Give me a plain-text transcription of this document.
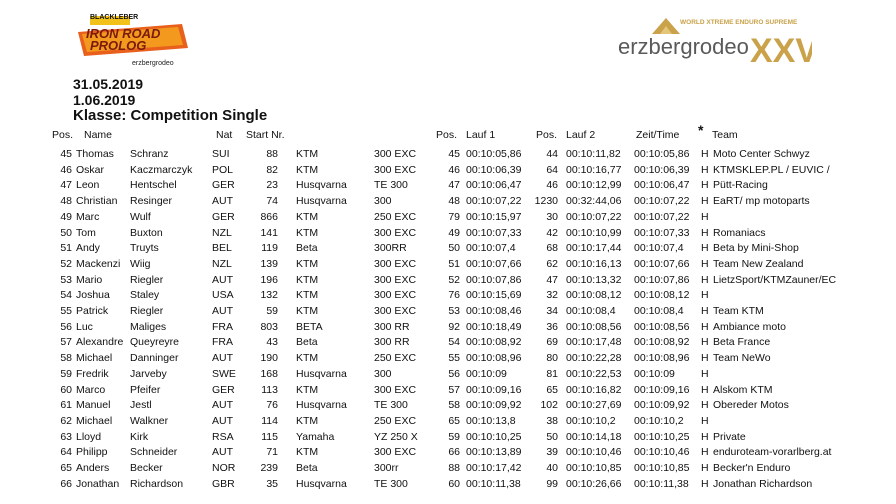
BLACKLEBER
IRON ROAD
PROLOG
erzbergrodeo	XXV
WORLD XTREME ENDURO SUPREME
erzbergrodeo
31.05.2019
1.06.2019
Klasse: Competition Single
Pos. Name	Nat Start Nr.	Pos. Lauf 1	Pos. Lauf 2	Zeit/Time * Team
45 Thomas	Schranz	SUI	88 KTM	300 EXC	45 00:10:05,86	44 00:10:11,82	00:10:05,86	H Moto Center Schwyz
46 Oskar	Kaczmarczyk	POL	82 KTM	300 EXC	46 00:10:06,39	64 00:10:16,77	00:10:06,39	H KTMSKLEP.PL / EUVIC /
47 Leon	Hentschel	GER	23 Husqvarna	TE 300	47 00:10:06,47	46 00:10:12,99	00:10:06,47	H Pütt-Racing
48 Christian	Resinger	AUT	74 Husqvarna	300	48 00:10:07,22	1230 00:32:44,06	00:10:07,22	H EaRT/ mp motoparts
49 Marc	Wulf	GER	866 KTM	250 EXC	79 00:10:15,97	30 00:10:07,22	00:10:07,22	H
50 Tom	Buxton	NZL	141 KTM	300 EXC	49 00:10:07,33	42 00:10:10,99	00:10:07,33	H Romaniacs
51 Andy	Truyts	BEL	119 Beta	300RR	50 00:10:07,4	68 00:10:17,44	00:10:07,4	H Beta by Mini-Shop
52 Mackenzi Wiig	NZL	139 KTM	300 EXC	51 00:10:07,66	62 00:10:16,13	00:10:07,66	H Team New Zealand
53 Mario	Riegler	AUT	196 KTM	300 EXC	52 00:10:07,86	47 00:10:13,32	00:10:07,86	H LietzSport/KTMZauner/EC
54 Joshua	Staley	USA	132 KTM	300 EXC	76 00:10:15,69	32 00:10:08,12	00:10:08,12	H
55 Patrick	Riegler	AUT	59 KTM	300 EXC	53 00:10:08,46	34 00:10:08,4	00:10:08,4	H Team KTM
56 Luc	Maliges	FRA	803 BETA	300 RR	92 00:10:18,49	36 00:10:08,56	00:10:08,56	H Ambiance moto
57 Alexandre Queyreyre	FRA	43 Beta	300 RR	54 00:10:08,92	69 00:10:17,48	00:10:08,92	H Beta France
58 Michael	Danninger	AUT	190 KTM	250 EXC	55 00:10:08,96	80 00:10:22,28	00:10:08,96	H Team NeWo
59 Fredrik	Jarveby	SWE	168 Husqvarna	300	56 00:10:09	81 00:10:22,53	00:10:09	H
60 Marco	Pfeifer	GER	113 KTM	300 EXC	57 00:10:09,16	65 00:10:16,82	00:10:09,16	H Alskom KTM
61 Manuel	Jestl	AUT	76 Husqvarna	TE 300	58 00:10:09,92	102 00:10:27,69	00:10:09,92	H Obereder Motos
62 Michael	Walkner	AUT	114 KTM	250 EXC	65 00:10:13,8	38 00:10:10,2	00:10:10,2	H
63 Lloyd	Kirk	RSA	115 Yamaha	YZ 250 X	59 00:10:10,25	50 00:10:14,18	00:10:10,25	H Private
64 Philipp	Schneider	AUT	71 KTM	300 EXC	66 00:10:13,89	39 00:10:10,46	00:10:10,46	H enduroteam-vorarlberg.at
65 Anders	Becker	NOR	239 Beta	300rr	88 00:10:17,42	40 00:10:10,85	00:10:10,85	H Becker'n Enduro
66 Jonathan	Richardson	GBR	35 Husqvarna	TE 300	60 00:10:11,38	99 00:10:26,66	00:10:11,38	H Jonathan Richardson
